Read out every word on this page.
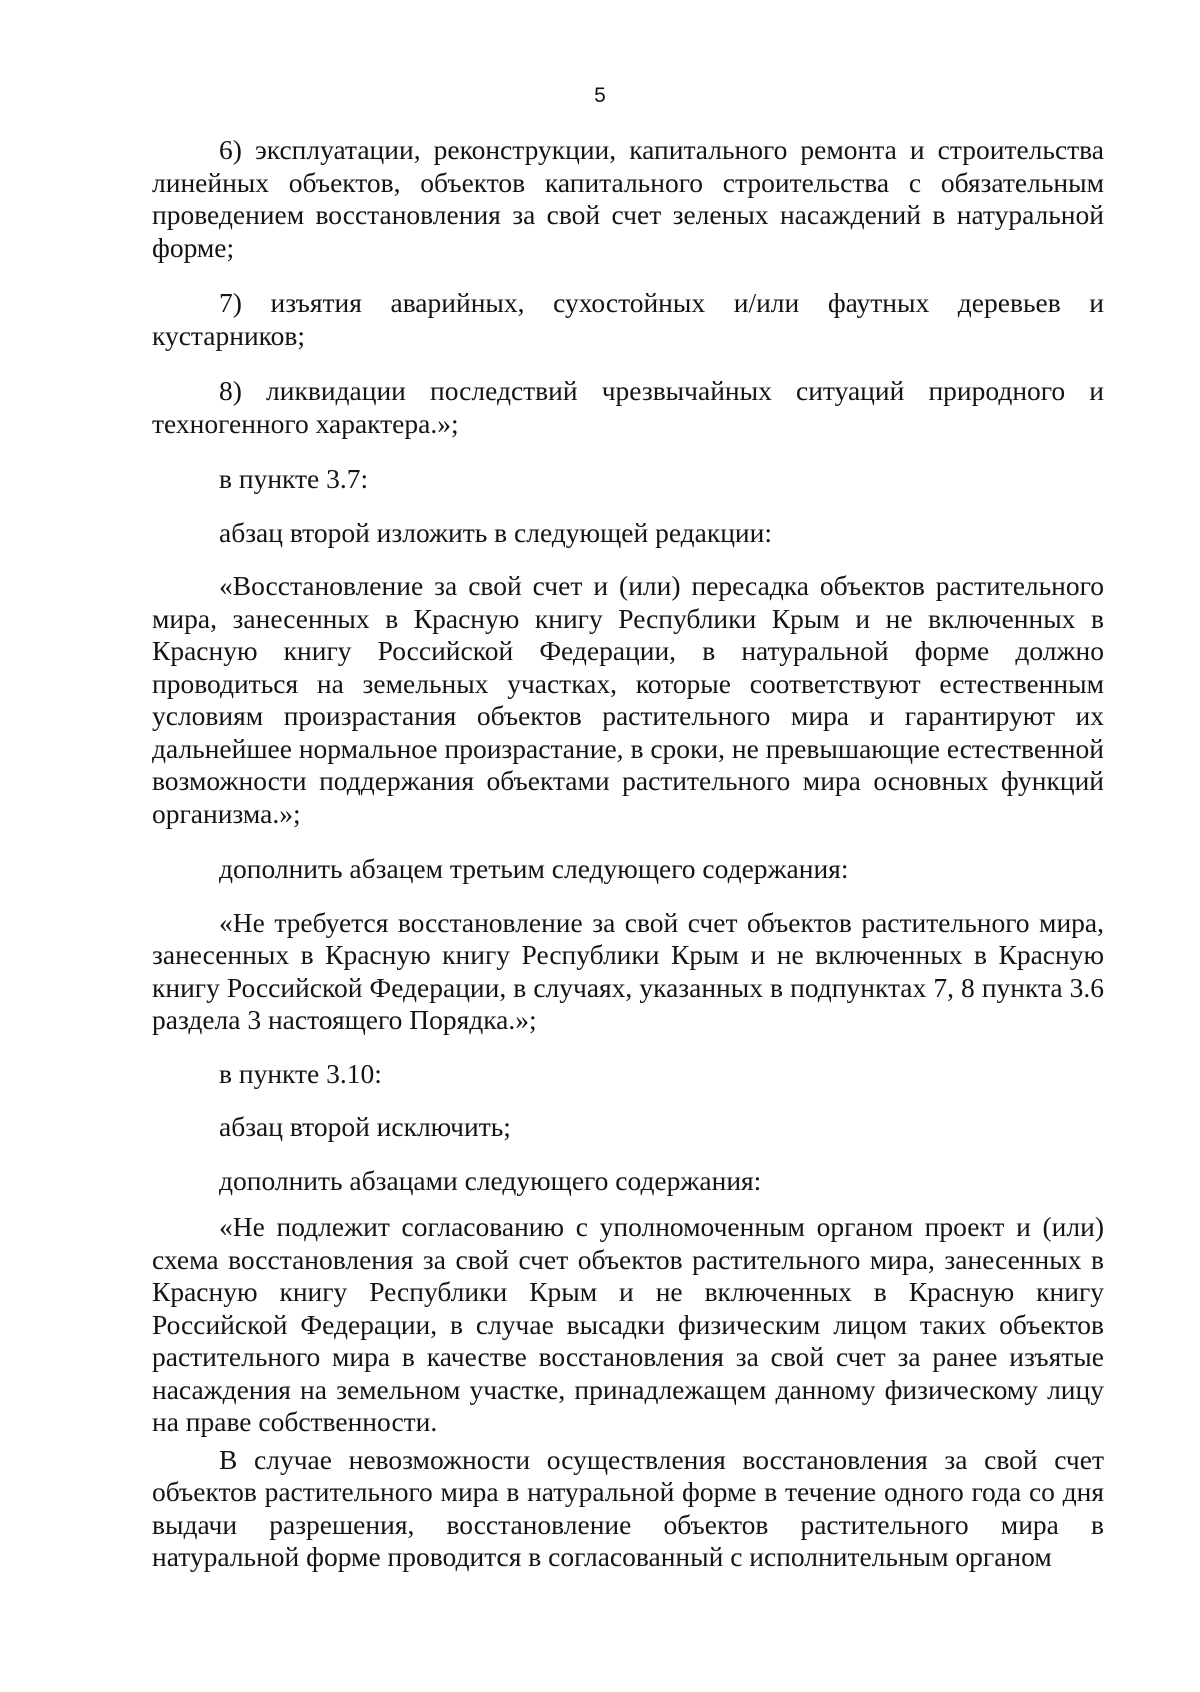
5

6) эксплуатации, реконструкции, капитального ремонта и строительства линейных объектов, объектов капитального строительства с обязательным проведением восстановления за свой счет зеленых насаждений в натуральной форме;

7) изъятия аварийных, сухостойных и/или фаутных деревьев и кустарников;

8) ликвидации последствий чрезвычайных ситуаций природного и техногенного характера.»;

в пункте 3.7:

абзац второй изложить в следующей редакции:

«Восстановление за свой счет и (или) пересадка объектов растительного мира, занесенных в Красную книгу Республики Крым и не включенных в Красную книгу Российской Федерации, в натуральной форме должно проводиться на земельных участках, которые соответствуют естественным условиям произрастания объектов растительного мира и гарантируют их дальнейшее нормальное произрастание, в сроки, не превышающие естественной возможности поддержания объектами растительного мира основных функций организма.»;

дополнить абзацем третьим следующего содержания:

«Не требуется восстановление за свой счет объектов растительного мира, занесенных в Красную книгу Республики Крым и не включенных в Красную книгу Российской Федерации, в случаях, указанных в подпунктах 7, 8 пункта 3.6 раздела 3 настоящего Порядка.»;

в пункте 3.10:

абзац второй исключить;

дополнить абзацами следующего содержания:

«Не подлежит согласованию с уполномоченным органом проект и (или) схема восстановления за свой счет объектов растительного мира, занесенных в Красную книгу Республики Крым и не включенных в Красную книгу Российской Федерации, в случае высадки физическим лицом таких объектов растительного мира в качестве восстановления за свой счет за ранее изъятые насаждения на земельном участке, принадлежащем данному физическому лицу на праве собственности.

В случае невозможности осуществления восстановления за свой счет объектов растительного мира в натуральной форме в течение одного года со дня выдачи разрешения, восстановление объектов растительного мира в натуральной форме проводится в согласованный с исполнительным органом
